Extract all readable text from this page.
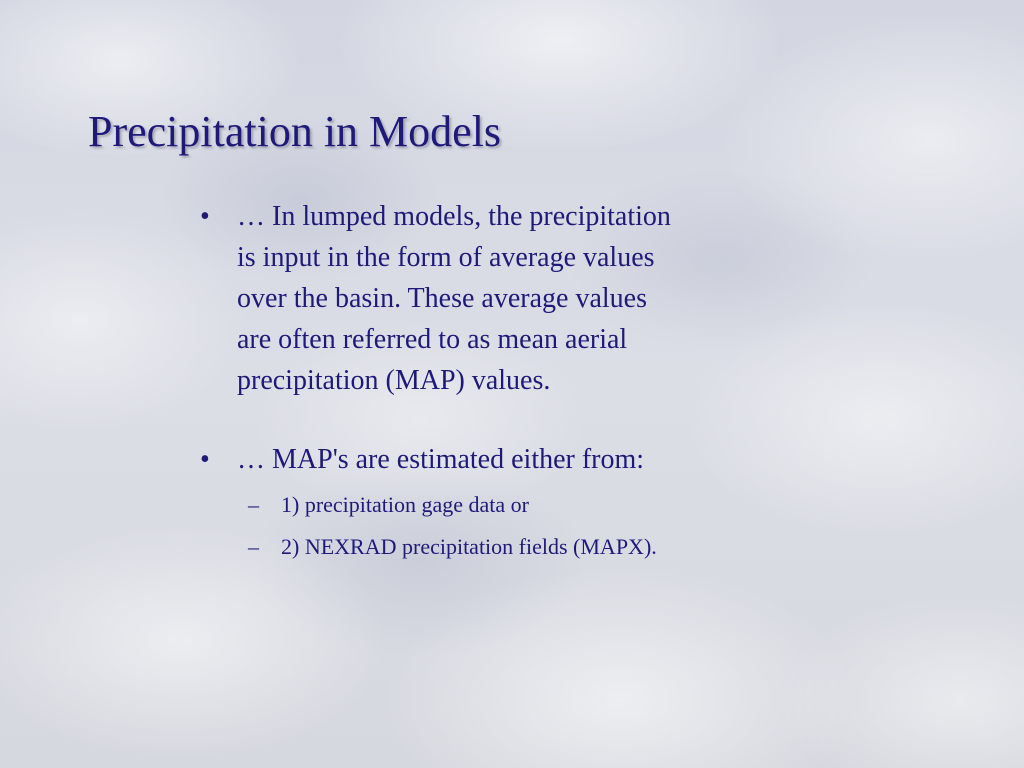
Precipitation in Models
• … In lumped models, the precipitation
is input in the form of average values
over the basin. These average values
are often referred to as mean aerial
precipitation (MAP) values.
• … MAP's are estimated either from:
– 1) precipitation gage data or
– 2) NEXRAD precipitation fields (MAPX).
